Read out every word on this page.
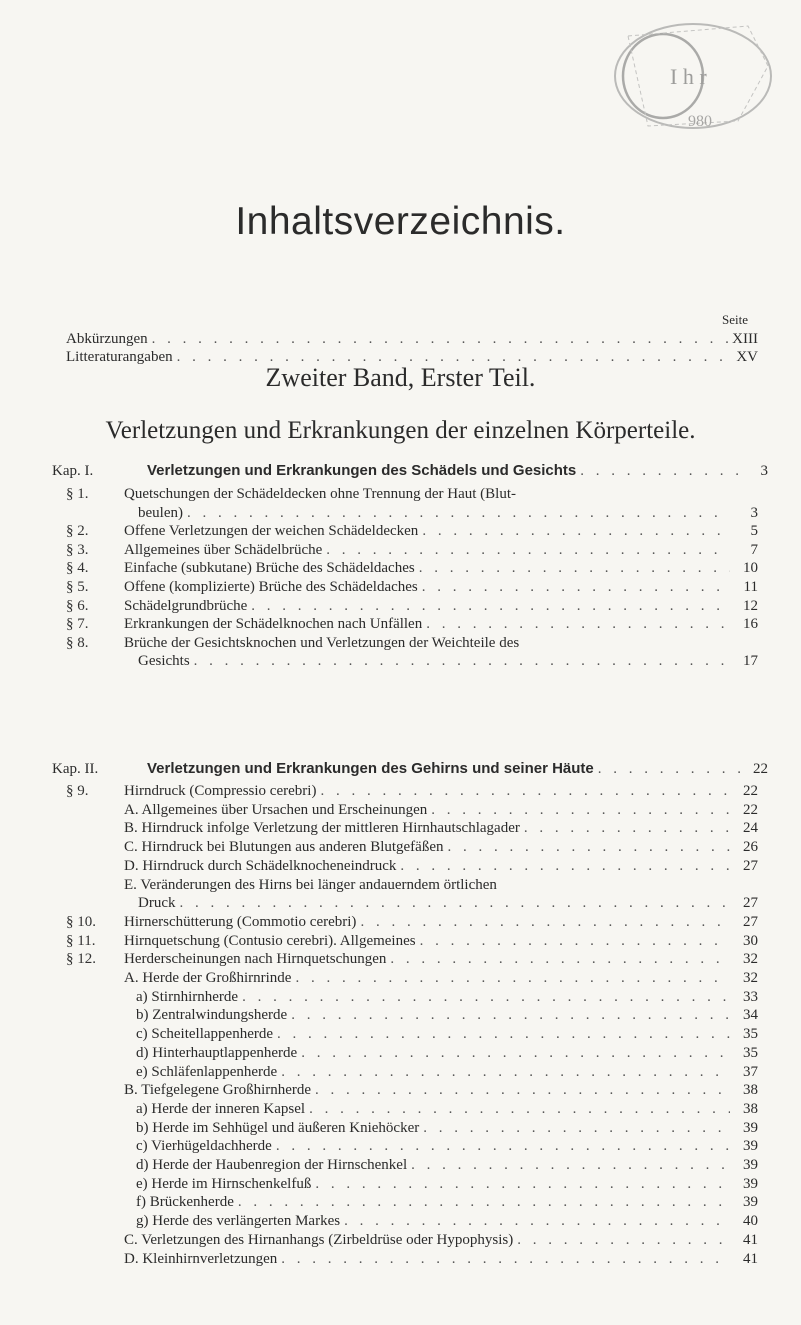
I h r
980
Inhaltsverzeichnis.
Seite
Abkürzungen . . .	XIII
Litteraturangaben . . .	XV
Zweiter Band, Erster Teil.
Verletzungen und Erkrankungen der einzelnen Körperteile.
Kap. I.	Verletzungen und Erkrankungen des Schädels und Gesichts . . .	3
§ 1. Quetschungen der Schädeldecken ohne Trennung der Haut (Blut-
beulen) . . .	3
§ 2. Offene Verletzungen der weichen Schädeldecken . . .	5
§ 3. Allgemeines über Schädelbrüche . . .	7
§ 4. Einfache (subkutane) Brüche des Schädeldaches . . .	10
§ 5. Offene (komplizierte) Brüche des Schädeldaches . . .	11
§ 6. Schädelgrundbrüche . . .	12
§ 7. Erkrankungen der Schädelknochen nach Unfällen . . .	16
§ 8. Brüche der Gesichtsknochen und Verletzungen der Weichteile des
Gesichts . . .	17
Kap. II.	Verletzungen und Erkrankungen des Gehirns und seiner Häute . . .	22
§ 9. Hirndruck (Compressio cerebri) . . .	22
A. Allgemeines über Ursachen und Erscheinungen . . .	22
B. Hirndruck infolge Verletzung der mittleren Hirnhautschlagader . . .	24
C. Hirndruck bei Blutungen aus anderen Blutgefäßen . . .	26
D. Hirndruck durch Schädelknocheneindruck . . .	27
E. Veränderungen des Hirns bei länger andauerndem örtlichen
Druck . . .	27
§ 10. Hirnerschütterung (Commotio cerebri) . . .	27
§ 11. Hirnquetschung (Contusio cerebri). Allgemeines . . .	30
§ 12. Herderscheinungen nach Hirnquetschungen . . .	32
A. Herde der Großhirnrinde . . .	32
a) Stirnhirnherde . . .	33
b) Zentralwindungsherde . . .	34
c) Scheitellappenherde . . .	35
d) Hinterhauptlappenherde . . .	35
e) Schläfenlappenherde . . .	37
B. Tiefgelegene Großhirnherde . . .	38
a) Herde der inneren Kapsel . . .	38
b) Herde im Sehhügel und äußeren Kniehöcker . . .	39
c) Vierhügeldachherde . . .	39
d) Herde der Haubenregion der Hirnschenkel . . .	39
e) Herde im Hirnschenkelfuß . . .	39
f) Brückenherde . . .	39
g) Herde des verlängerten Markes . . .	40
C. Verletzungen des Hirnanhangs (Zirbeldrüse oder Hypophysis) . . .	41
D. Kleinhirnverletzungen . . .	41
